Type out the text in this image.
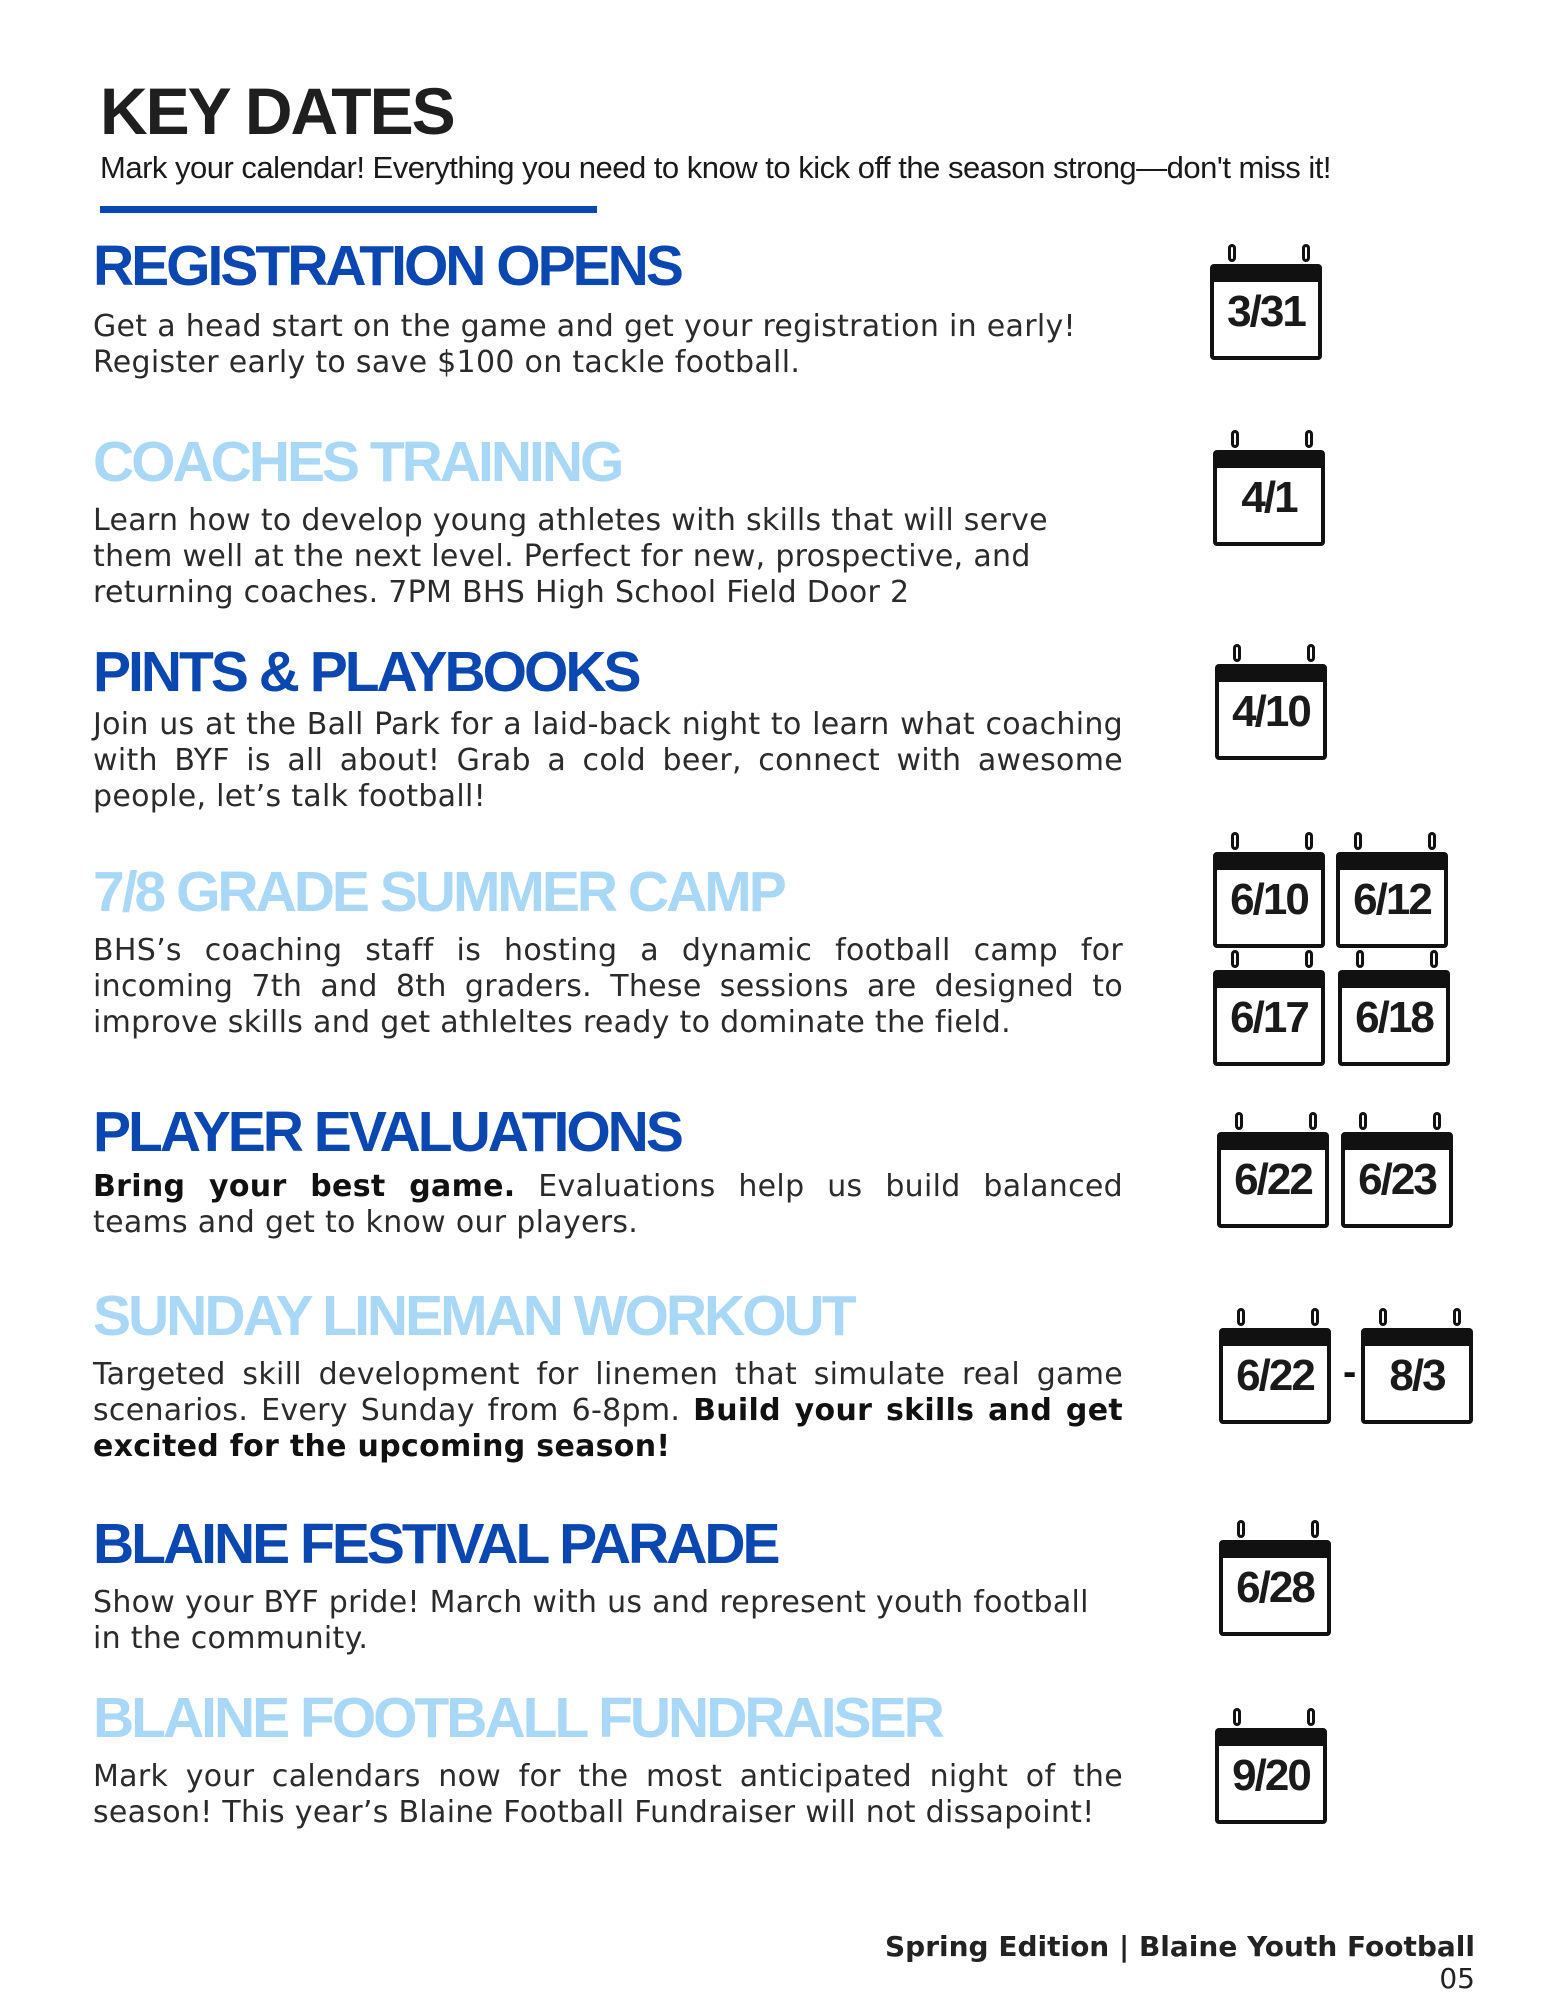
KEY DATES

Mark your calendar! Everything you need to know to kick off the season strong—don't miss it!

REGISTRATION OPENS

Get a head start on the game and get your registration in early! Register early to save $100 on tackle football.

3/31
COACHES TRAINING

Learn how to develop young athletes with skills that will serve them well at the next level. Perfect for new, prospective, and returning coaches. 7PM BHS High School Field Door 2

4/1
PINTS & PLAYBOOKS

Join us at the Ball Park for a laid-back night to learn what coaching with BYF is all about! Grab a cold beer, connect with awesome people, let’s talk football!

4/10
7/8 GRADE SUMMER CAMP

BHS’s coaching staff is hosting a dynamic football camp for incoming 7th and 8th graders. These sessions are designed to improve skills and get athleltes ready to dominate the field.

6/10 6/12
6/17 6/18
PLAYER EVALUATIONS

Bring your best game. Evaluations help us build balanced teams and get to know our players.

6/22 6/23
SUNDAY LINEMAN WORKOUT

Targeted skill development for linemen that simulate real game scenarios. Every Sunday from 6-8pm. Build your skills and get excited for the upcoming season!

6/22 - 8/3
BLAINE FESTIVAL PARADE

Show your BYF pride! March with us and represent youth football in the community.

6/28
BLAINE FOOTBALL FUNDRAISER

Mark your calendars now for the most anticipated night of the season! This year’s Blaine Football Fundraiser will not dissapoint!

9/20
Spring Edition | Blaine Youth Football
05
